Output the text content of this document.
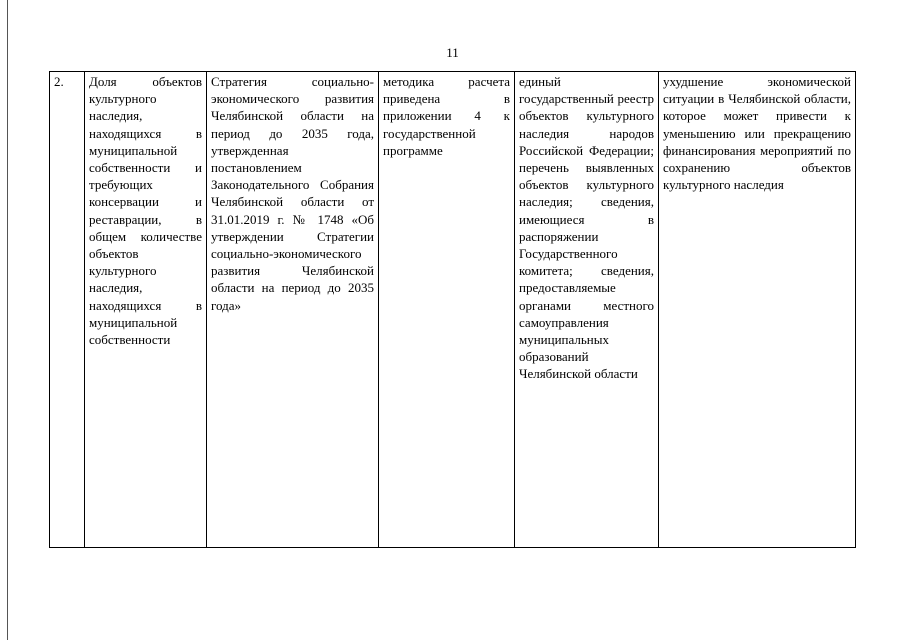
11
2.	Доля объектов культурного наследия, находящихся в муниципальной собственности и требующих консервации и реставрации, в общем количестве объектов культурного наследия, находящихся в муниципальной собственности	Стратегия социально-экономического развития Челябинской области на период до 2035 года, утвержденная постановлением Законодательного Собрания Челябинской области от 31.01.2019 г. № 1748 «Об утверждении Стратегии социально-экономического развития Челябинской области на период до 2035 года»	методика расчета приведена в приложении 4 к государственной программе	единый государственный реестр объектов культурного наследия народов Российской Федерации; перечень выявленных объектов культурного наследия; сведения, имеющиеся в распоряжении Государственного комитета; сведения, предоставляемые органами местного самоуправления муниципальных образований Челябинской области	ухудшение экономической ситуации в Челябинской области, которое может привести к уменьшению или прекращению финансирования мероприятий по сохранению объектов культурного наследия
